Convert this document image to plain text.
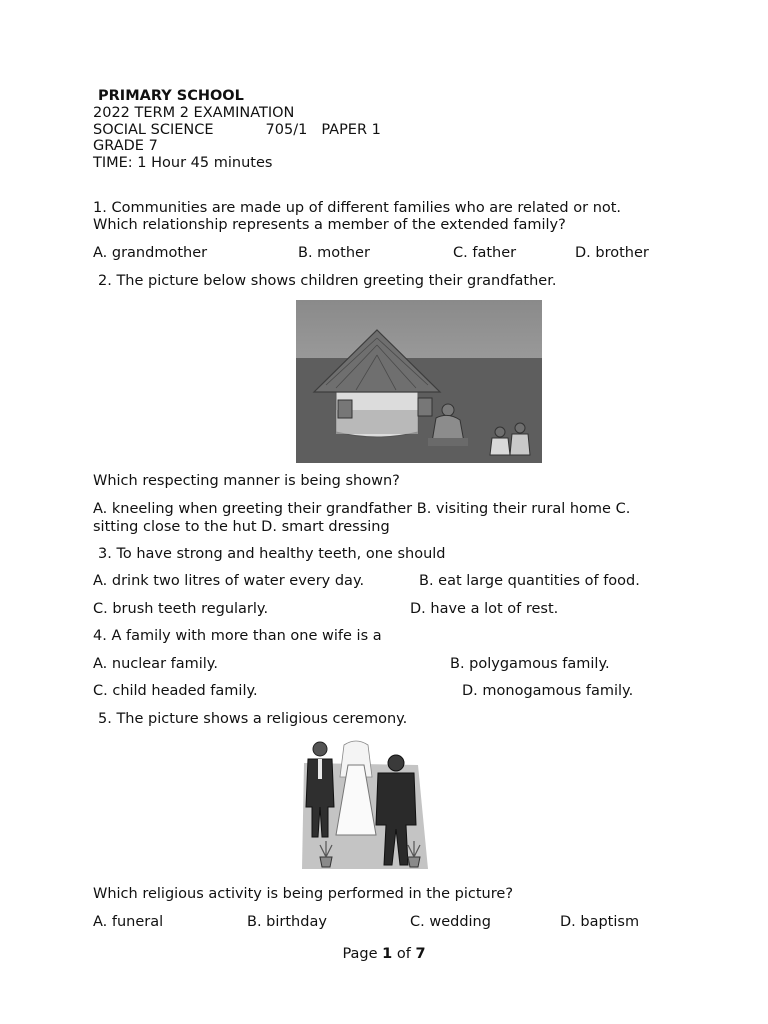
PRIMARY SCHOOL
2022 TERM 2 EXAMINATION
SOCIAL SCIENCE	705/1 PAPER 1
GRADE 7
TIME: 1 Hour 45 minutes
1. Communities are made up of different families who are related or not.
Which relationship represents a member of the extended family?
A. grandmother	B. mother	C. father	D. brother
2. The picture below shows children greeting their grandfather.
Which respecting manner is being shown?
A. kneeling when greeting their grandfather B. visiting their rural home C.
sitting close to the hut D. smart dressing
3. To have strong and healthy teeth, one should
A. drink two litres of water every day.	B. eat large quantities of food.
C. brush teeth regularly.	D. have a lot of rest.
4. A family with more than one wife is a
A. nuclear family.	B. polygamous family.
C. child headed family.	D. monogamous family.
5. The picture shows a religious ceremony.
Which religious activity is being performed in the picture?
A. funeral	B. birthday	C. wedding	D. baptism
Page 1 of 7
